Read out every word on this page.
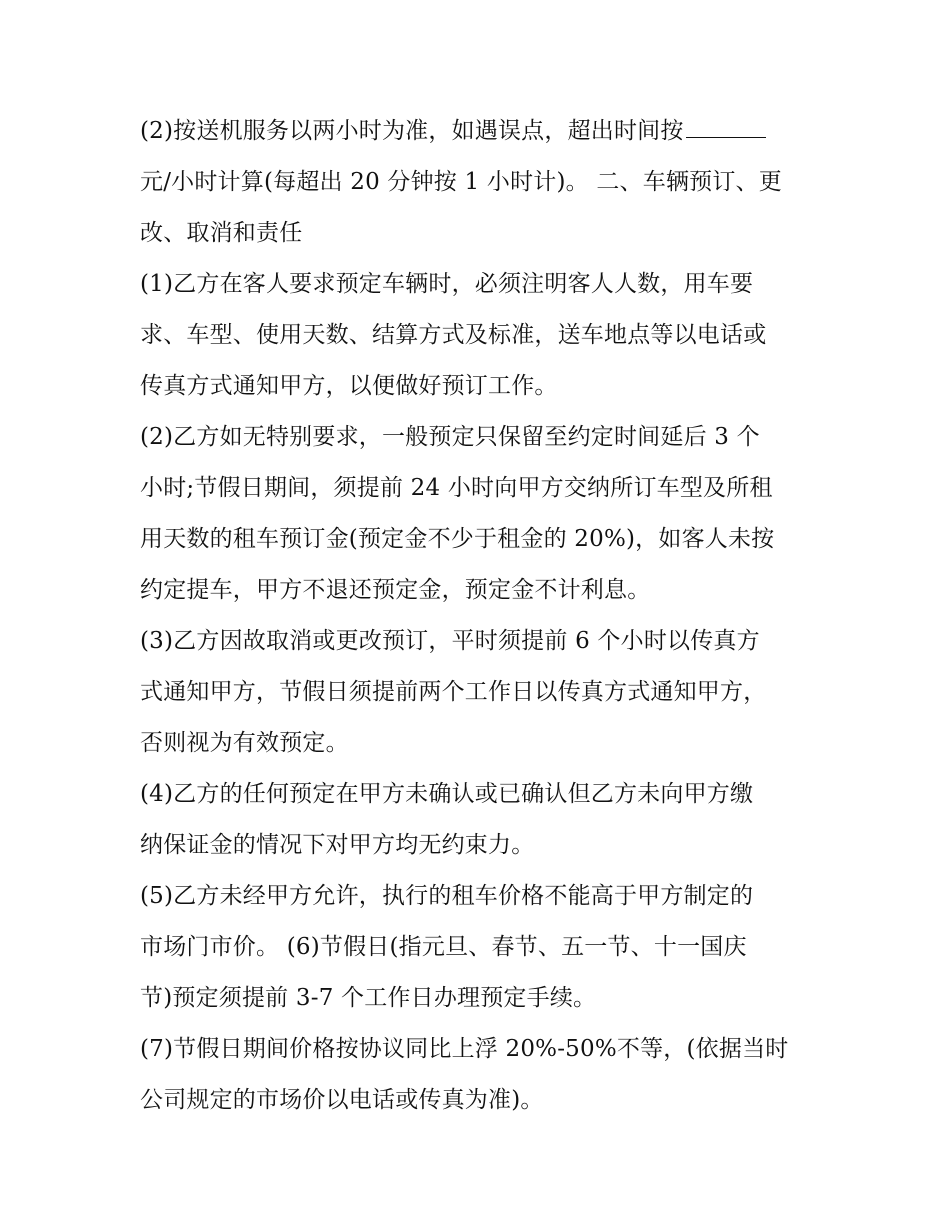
(2)按送机服务以两小时为准，如遇误点，超出时间按
元/小时计算(每超出 20 分钟按 1 小时计)。 二、车辆预订、更
改、取消和责任
(1)乙方在客人要求预定车辆时，必须注明客人人数，用车要
求、车型、使用天数、结算方式及标准，送车地点等以电话或
传真方式通知甲方，以便做好预订工作。
(2)乙方如无特别要求，一般预定只保留至约定时间延后 3 个
小时;节假日期间，须提前 24 小时向甲方交纳所订车型及所租
用天数的租车预订金(预定金不少于租金的 20%)，如客人未按
约定提车，甲方不退还预定金，预定金不计利息。
(3)乙方因故取消或更改预订，平时须提前 6 个小时以传真方
式通知甲方，节假日须提前两个工作日以传真方式通知甲方，
否则视为有效预定。
(4)乙方的任何预定在甲方未确认或已确认但乙方未向甲方缴
纳保证金的情况下对甲方均无约束力。
(5)乙方未经甲方允许，执行的租车价格不能高于甲方制定的
市场门市价。 (6)节假日(指元旦、春节、五一节、十一国庆
节)预定须提前 3-7 个工作日办理预定手续。
(7)节假日期间价格按协议同比上浮 20%-50%不等，(依据当时
公司规定的市场价以电话或传真为准)。
